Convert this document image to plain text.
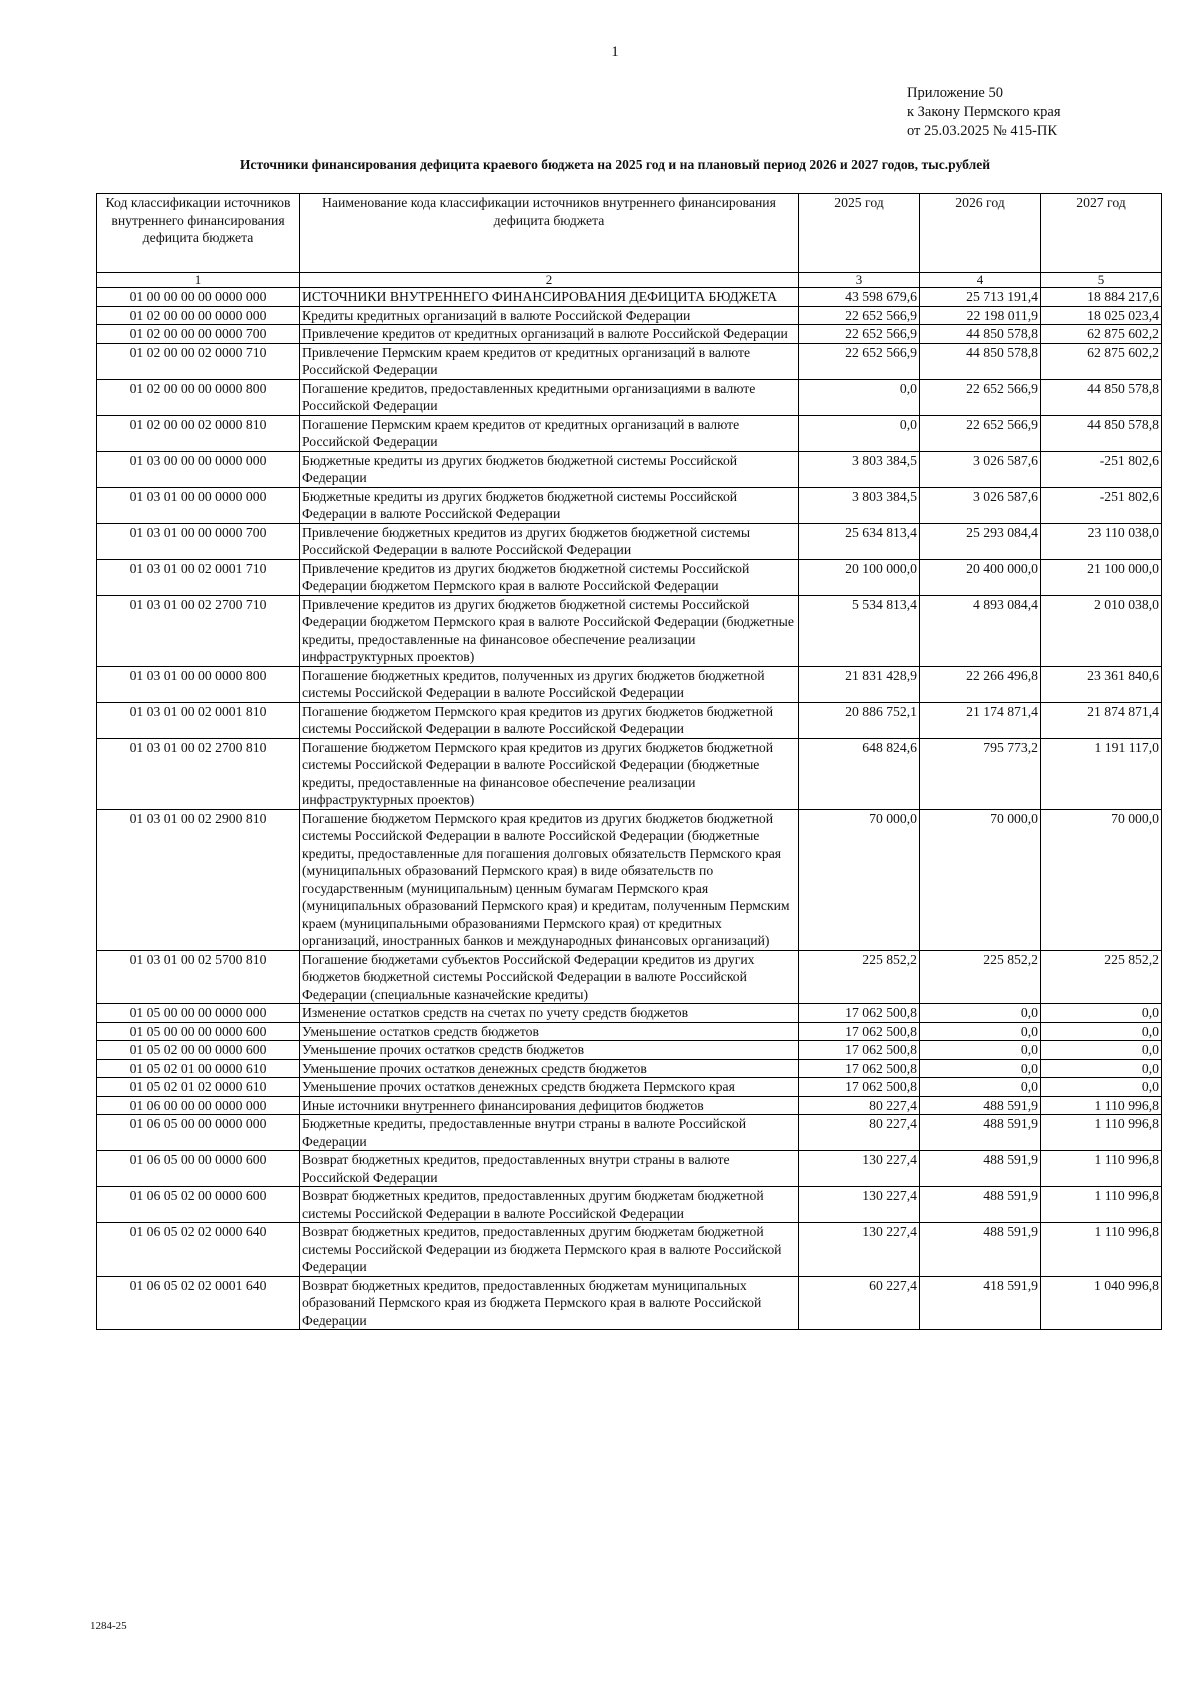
1
Приложение 50
к Закону Пермского края
от 25.03.2025 № 415-ПК
Источники финансирования дефицита краевого бюджета на 2025 год и на плановый период 2026 и 2027 годов, тыс.рублей
Код классификации источников внутреннего финансирования дефицита бюджета	Наименование кода классификации источников внутреннего финансирования дефицита бюджета	2025 год	2026 год	2027 год
1	2	3	4	5
01 00 00 00 00 0000 000	ИСТОЧНИКИ ВНУТРЕННЕГО ФИНАНСИРОВАНИЯ ДЕФИЦИТА БЮДЖЕТА	43 598 679,6	25 713 191,4	18 884 217,6
01 02 00 00 00 0000 000	Кредиты кредитных организаций в валюте Российской Федерации	22 652 566,9	22 198 011,9	18 025 023,4
01 02 00 00 00 0000 700	Привлечение кредитов от кредитных организаций в валюте Российской Федерации	22 652 566,9	44 850 578,8	62 875 602,2
01 02 00 00 02 0000 710	Привлечение Пермским краем кредитов от кредитных организаций в валюте Российской Федерации	22 652 566,9	44 850 578,8	62 875 602,2
01 02 00 00 00 0000 800	Погашение кредитов, предоставленных кредитными организациями в валюте Российской Федерации	0,0	22 652 566,9	44 850 578,8
01 02 00 00 02 0000 810	Погашение Пермским краем кредитов от кредитных организаций в валюте Российской Федерации	0,0	22 652 566,9	44 850 578,8
01 03 00 00 00 0000 000	Бюджетные кредиты из других бюджетов бюджетной системы Российской Федерации	3 803 384,5	3 026 587,6	-251 802,6
01 03 01 00 00 0000 000	Бюджетные кредиты из других бюджетов бюджетной системы Российской Федерации в валюте Российской Федерации	3 803 384,5	3 026 587,6	-251 802,6
01 03 01 00 00 0000 700	Привлечение бюджетных кредитов из других бюджетов бюджетной системы Российской Федерации в валюте Российской Федерации	25 634 813,4	25 293 084,4	23 110 038,0
01 03 01 00 02 0001 710	Привлечение кредитов из других бюджетов бюджетной системы Российской Федерации бюджетом Пермского края в валюте Российской Федерации	20 100 000,0	20 400 000,0	21 100 000,0
01 03 01 00 02 2700 710	Привлечение кредитов из других бюджетов бюджетной системы Российской Федерации бюджетом Пермского края в валюте Российской Федерации (бюджетные кредиты, предоставленные на финансовое обеспечение реализации инфраструктурных проектов)	5 534 813,4	4 893 084,4	2 010 038,0
01 03 01 00 00 0000 800	Погашение бюджетных кредитов, полученных из других бюджетов бюджетной системы Российской Федерации в валюте Российской Федерации	21 831 428,9	22 266 496,8	23 361 840,6
01 03 01 00 02 0001 810	Погашение бюджетом Пермского края кредитов из других бюджетов бюджетной системы Российской Федерации в валюте Российской Федерации	20 886 752,1	21 174 871,4	21 874 871,4
01 03 01 00 02 2700 810	Погашение бюджетом Пермского края кредитов из других бюджетов бюджетной системы Российской Федерации в валюте Российской Федерации (бюджетные кредиты, предоставленные на финансовое обеспечение реализации инфраструктурных проектов)	648 824,6	795 773,2	1 191 117,0
01 03 01 00 02 2900 810	Погашение бюджетом Пермского края кредитов из других бюджетов бюджетной системы Российской Федерации в валюте Российской Федерации (бюджетные кредиты, предоставленные для погашения долговых обязательств Пермского края (муниципальных образований Пермского края) в виде обязательств по государственным (муниципальным) ценным бумагам Пермского края (муниципальных образований Пермского края) и кредитам, полученным Пермским краем (муниципальными образованиями Пермского края) от кредитных организаций, иностранных банков и международных финансовых организаций)	70 000,0	70 000,0	70 000,0
01 03 01 00 02 5700 810	Погашение бюджетами субъектов Российской Федерации кредитов из других бюджетов бюджетной системы Российской Федерации в валюте Российской Федерации (специальные казначейские кредиты)	225 852,2	225 852,2	225 852,2
01 05 00 00 00 0000 000	Изменение остатков средств на счетах по учету средств бюджетов	17 062 500,8	0,0	0,0
01 05 00 00 00 0000 600	Уменьшение остатков средств бюджетов	17 062 500,8	0,0	0,0
01 05 02 00 00 0000 600	Уменьшение прочих остатков средств бюджетов	17 062 500,8	0,0	0,0
01 05 02 01 00 0000 610	Уменьшение прочих остатков денежных средств бюджетов	17 062 500,8	0,0	0,0
01 05 02 01 02 0000 610	Уменьшение прочих остатков денежных средств бюджета Пермского края	17 062 500,8	0,0	0,0
01 06 00 00 00 0000 000	Иные источники внутреннего финансирования дефицитов бюджетов	80 227,4	488 591,9	1 110 996,8
01 06 05 00 00 0000 000	Бюджетные кредиты, предоставленные внутри страны в валюте Российской Федерации	80 227,4	488 591,9	1 110 996,8
01 06 05 00 00 0000 600	Возврат бюджетных кредитов, предоставленных внутри страны в валюте Российской Федерации	130 227,4	488 591,9	1 110 996,8
01 06 05 02 00 0000 600	Возврат бюджетных кредитов, предоставленных другим бюджетам бюджетной системы Российской Федерации в валюте Российской Федерации	130 227,4	488 591,9	1 110 996,8
01 06 05 02 02 0000 640	Возврат бюджетных кредитов, предоставленных другим бюджетам бюджетной системы Российской Федерации из бюджета Пермского края в валюте Российской Федерации	130 227,4	488 591,9	1 110 996,8
01 06 05 02 02 0001 640	Возврат бюджетных кредитов, предоставленных бюджетам муниципальных образований Пермского края из бюджета Пермского края в валюте Российской Федерации	60 227,4	418 591,9	1 040 996,8
1284-25
